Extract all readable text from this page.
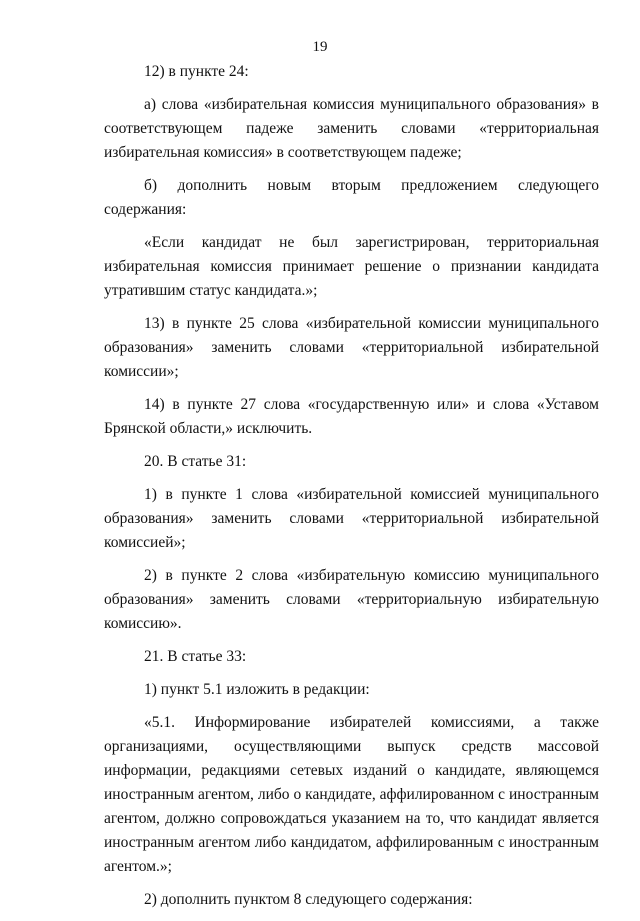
19

12) в пункте 24:

а) слова «избирательная комиссия муниципального образования» в соответствующем падеже заменить словами «территориальная избирательная комиссия» в соответствующем падеже;

б) дополнить новым вторым предложением следующего содержания:

«Если кандидат не был зарегистрирован, территориальная избирательная комиссия принимает решение о признании кандидата утратившим статус кандидата.»;

13) в пункте 25 слова «избирательной комиссии муниципального образования» заменить словами «территориальной избирательной комиссии»;

14) в пункте 27 слова «государственную или» и слова «Уставом Брянской области,» исключить.

20. В статье 31:

1) в пункте 1 слова «избирательной комиссией муниципального образования» заменить словами «территориальной избирательной комиссией»;

2) в пункте 2 слова «избирательную комиссию муниципального образования» заменить словами «территориальную избирательную комиссию».

21. В статье 33:

1) пункт 5.1 изложить в редакции:

«5.1. Информирование избирателей комиссиями, а также организациями, осуществляющими выпуск средств массовой информации, редакциями сетевых изданий о кандидате, являющемся иностранным агентом, либо о кандидате, аффилированном с иностранным агентом, должно сопровождаться указанием на то, что кандидат является иностранным агентом либо кандидатом, аффилированным с иностранным агентом.»;

2) дополнить пунктом 8 следующего содержания:
